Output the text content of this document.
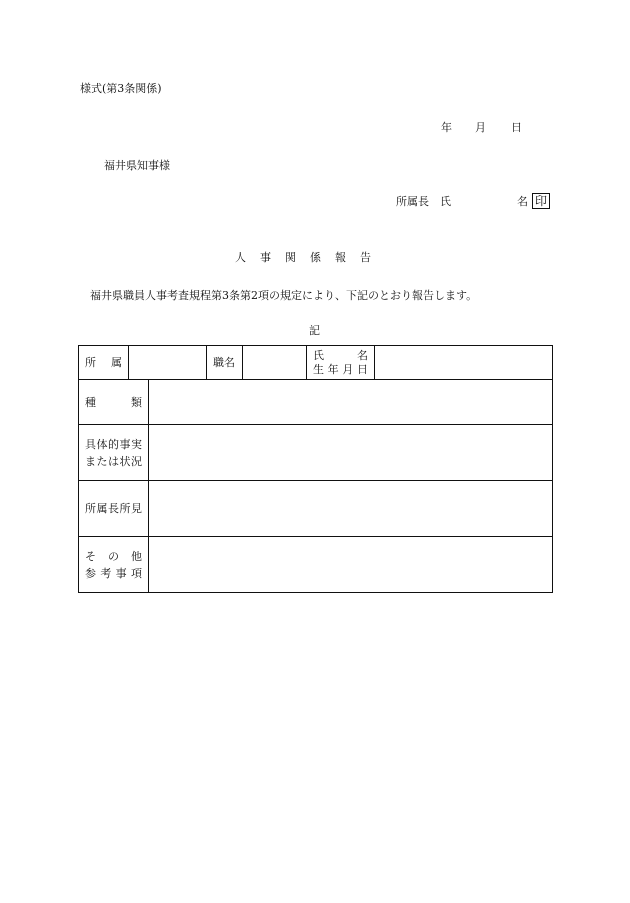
様式(第3条関係)
年 月 日
福井県知事様
所属長　氏	名 印
人事関係報告
福井県職員人事考査規程第3条第2項の規定により、下記のとおり報告します。
記
所　属			職名		氏　　名
生年月日	

種　　類						

具体的事実
または状況						

所属長所見						

そ の 他
参 考 事 項						
